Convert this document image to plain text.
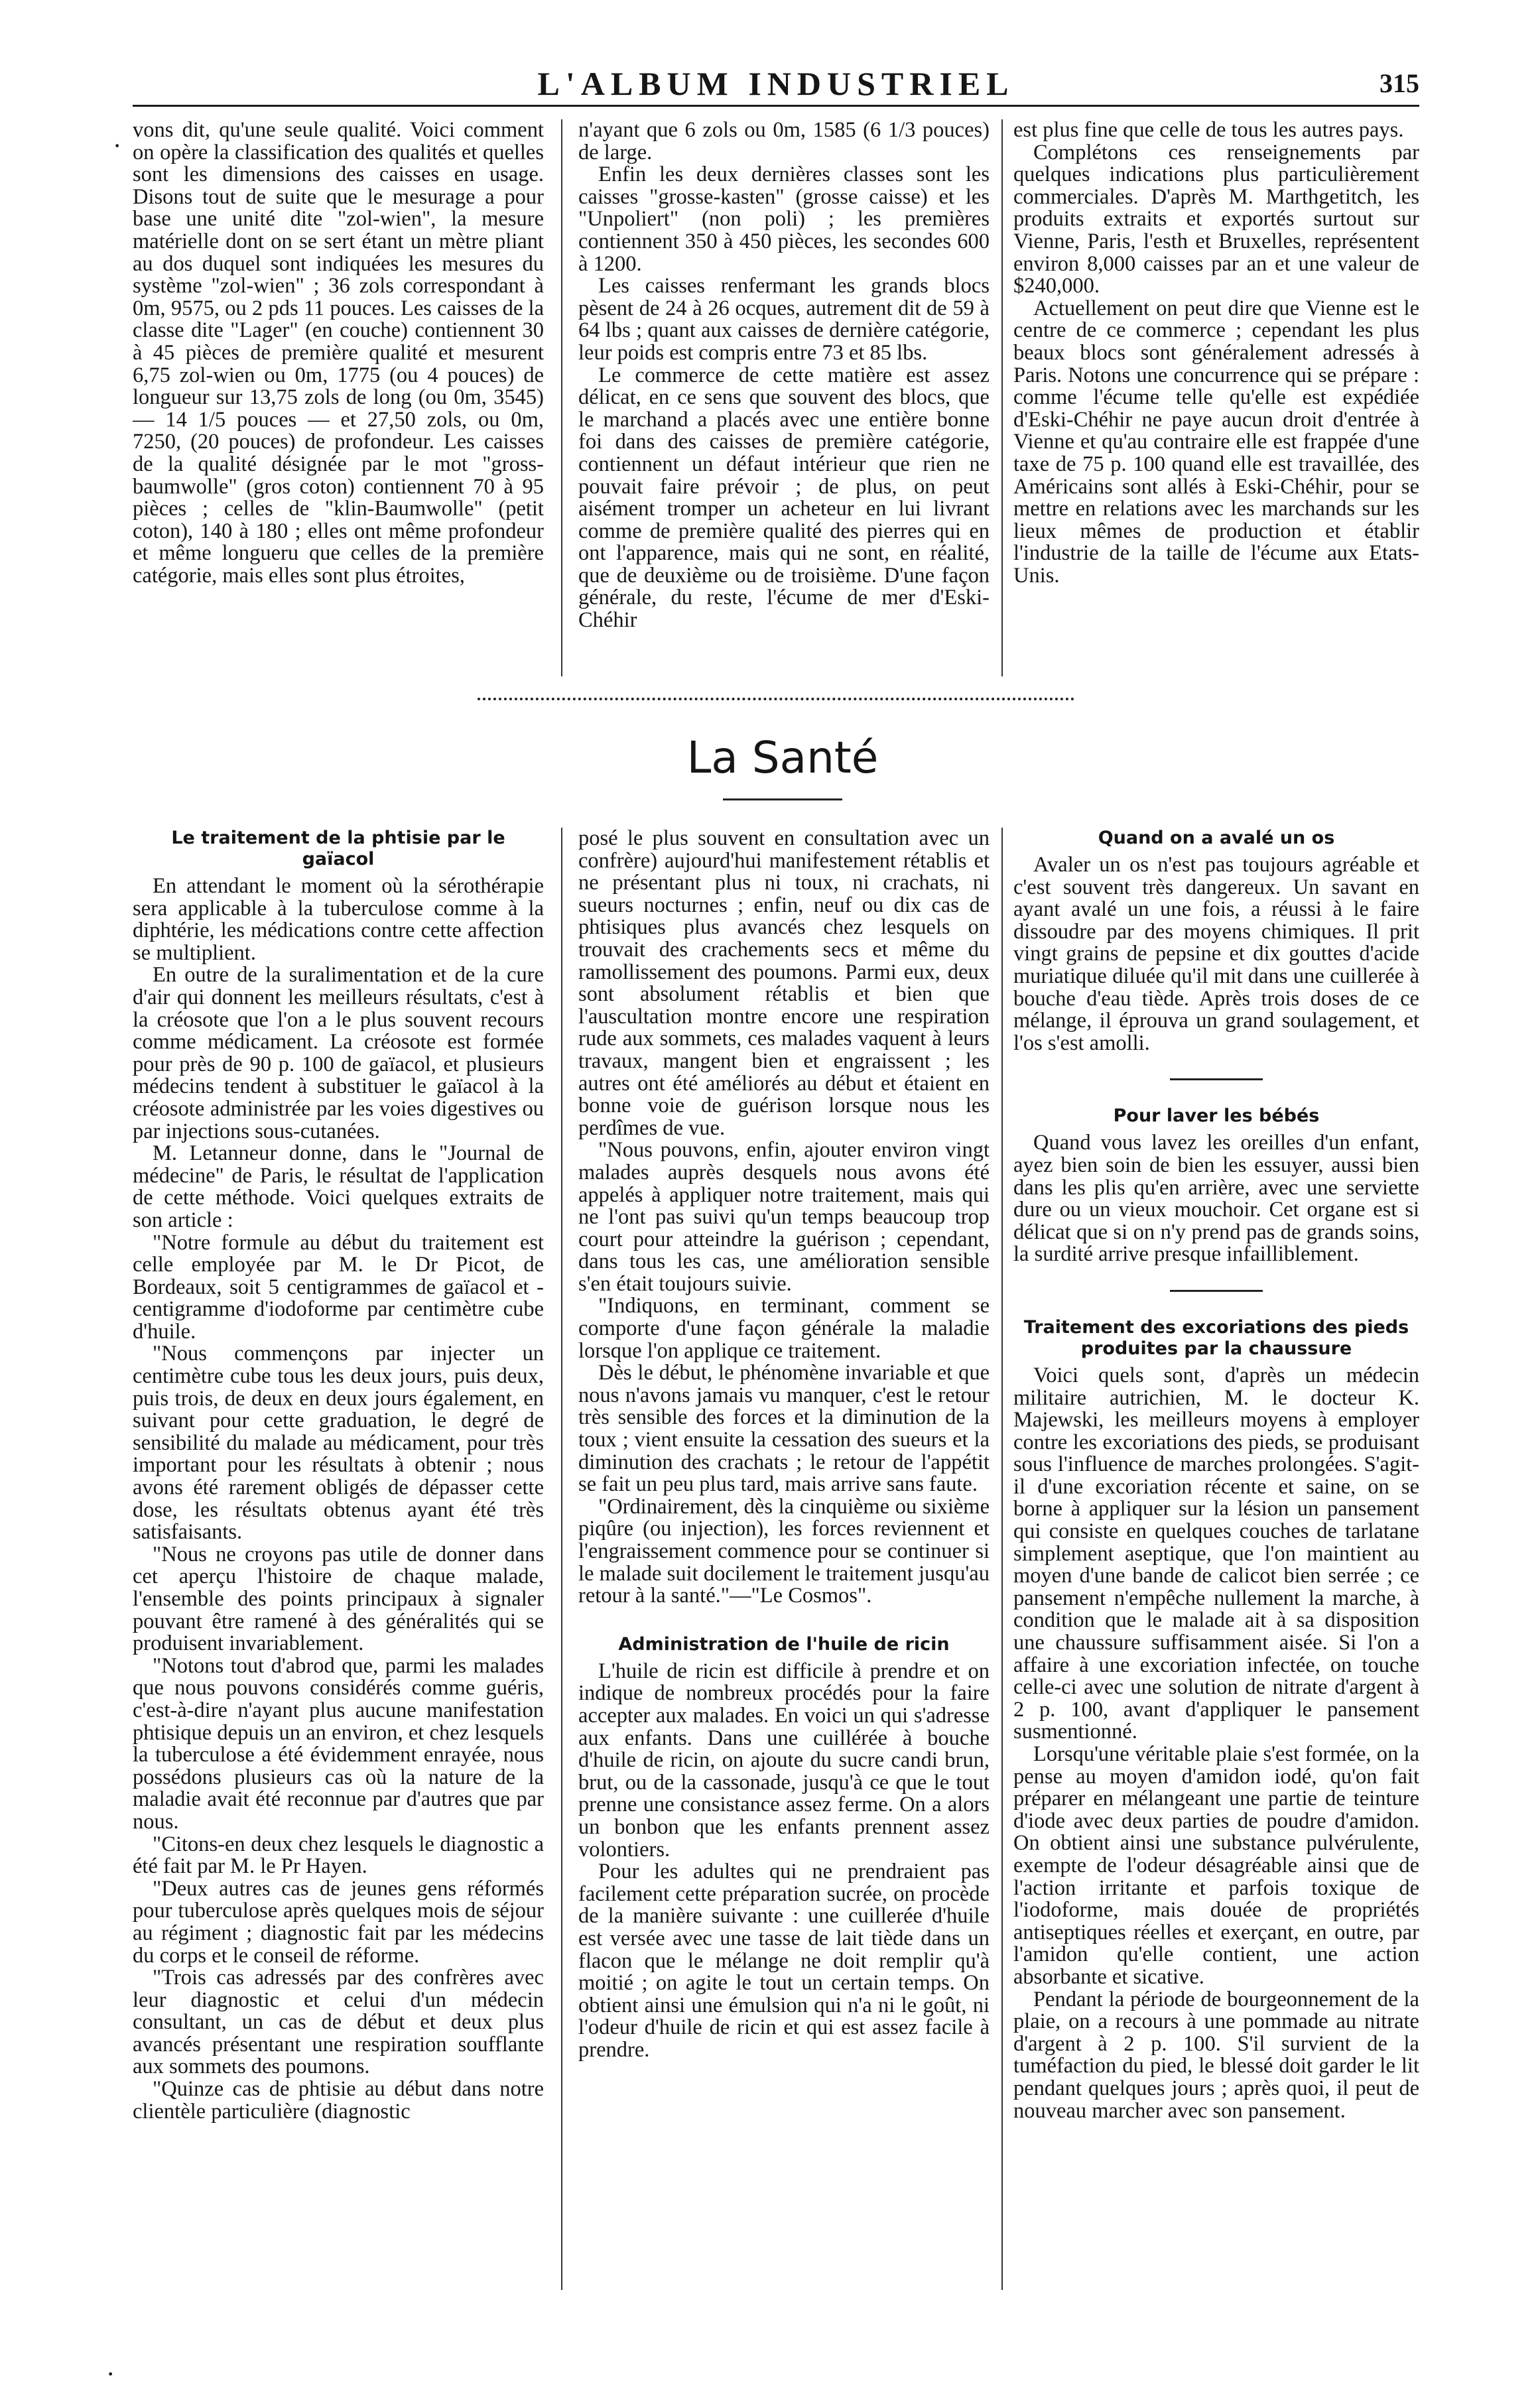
L'ALBUM INDUSTRIEL	315

vons dit, qu'une seule qualité. Voici comment on opère la classification des qualités et quelles sont les dimensions des caisses en usage. Disons tout de suite que le mesurage a pour base une unité dite "zol-wien", la mesure matérielle dont on se sert étant un mètre pliant au dos duquel sont indiquées les mesures du système "zol-wien" ; 36 zols correspondant à 0m, 9575, ou 2 pds 11 pouces. Les caisses de la classe dite "Lager" (en couche) contiennent 30 à 45 pièces de première qualité et mesurent 6,75 zol-wien ou 0m, 1775 (ou 4 pouces) de longueur sur 13,75 zols de long (ou 0m, 3545) — 14 1/5 pouces — et 27,50 zols, ou 0m, 7250, (20 pouces) de profondeur. Les caisses de la qualité désignée par le mot "gross-baumwolle" (gros coton) contiennent 70 à 95 pièces ; celles de "klin-Baumwolle" (petit coton), 140 à 180 ; elles ont même profondeur et même longueru que celles de la première catégorie, mais elles sont plus étroites,

n'ayant que 6 zols ou 0m, 1585 (6 1/3 pouces) de large.

Enfin les deux dernières classes sont les caisses "grosse-kasten" (grosse caisse) et les "Unpoliert" (non poli) ; les premières contiennent 350 à 450 pièces, les secondes 600 à 1200.

Les caisses renfermant les grands blocs pèsent de 24 à 26 ocques, autrement dit de 59 à 64 lbs ; quant aux caisses de dernière catégorie, leur poids est compris entre 73 et 85 lbs.

Le commerce de cette matière est assez délicat, en ce sens que souvent des blocs, que le marchand a placés avec une entière bonne foi dans des caisses de première catégorie, contiennent un défaut intérieur que rien ne pouvait faire prévoir ; de plus, on peut aisément tromper un acheteur en lui livrant comme de première qualité des pierres qui en ont l'apparence, mais qui ne sont, en réalité, que de deuxième ou de troisième. D'une façon générale, du reste, l'écume de mer d'Eski-Chéhir

est plus fine que celle de tous les autres pays.

Complétons ces renseignements par quelques indications plus particulièrement commerciales. D'après M. Marthgetitch, les produits extraits et exportés surtout sur Vienne, Paris, l'esth et Bruxelles, représentent environ 8,000 caisses par an et une valeur de $240,000.

Actuellement on peut dire que Vienne est le centre de ce commerce ; cependant les plus beaux blocs sont généralement adressés à Paris. Notons une concurrence qui se prépare : comme l'écume telle qu'elle est expédiée d'Eski-Chéhir ne paye aucun droit d'entrée à Vienne et qu'au contraire elle est frappée d'une taxe de 75 p. 100 quand elle est travaillée, des Américains sont allés à Eski-Chéhir, pour se mettre en relations avec les marchands sur les lieux mêmes de production et établir l'industrie de la taille de l'écume aux Etats-Unis.

La Santé
Le traitement de la phtisie par le gaïacol

En attendant le moment où la sérothérapie sera applicable à la tuberculose comme à la diphtérie, les médications contre cette affection se multiplient.

En outre de la suralimentation et de la cure d'air qui donnent les meilleurs résultats, c'est à la créosote que l'on a le plus souvent recours comme médicament. La créosote est formée pour près de 90 p. 100 de gaïacol, et plusieurs médecins tendent à substituer le gaïacol à la créosote administrée par les voies digestives ou par injections sous-cutanées.

M. Letanneur donne, dans le "Journal de médecine" de Paris, le résultat de l'application de cette méthode. Voici quelques extraits de son article :

"Notre formule au début du traitement est celle employée par M. le Dr Picot, de Bordeaux, soit 5 centigrammes de gaïacol et - centigramme d'iodoforme par centimètre cube d'huile.

"Nous commençons par injecter un centimètre cube tous les deux jours, puis deux, puis trois, de deux en deux jours également, en suivant pour cette graduation, le degré de sensibilité du malade au médicament, pour très important pour les résultats à obtenir ; nous avons été rarement obligés de dépasser cette dose, les résultats obtenus ayant été très satisfaisants.

"Nous ne croyons pas utile de donner dans cet aperçu l'histoire de chaque malade, l'ensemble des points principaux à signaler pouvant être ramené à des généralités qui se produisent invariablement.

"Notons tout d'abrod que, parmi les malades que nous pouvons considérés comme guéris, c'est-à-dire n'ayant plus aucune manifestation phtisique depuis un an environ, et chez lesquels la tuberculose a été évidemment enrayée, nous possédons plusieurs cas où la nature de la maladie avait été reconnue par d'autres que par nous.

"Citons-en deux chez lesquels le diagnostic a été fait par M. le Pr Hayen.

"Deux autres cas de jeunes gens réformés pour tuberculose après quelques mois de séjour au régiment ; diagnostic fait par les médecins du corps et le conseil de réforme.

"Trois cas adressés par des confrères avec leur diagnostic et celui d'un médecin consultant, un cas de début et deux plus avancés présentant une respiration soufflante aux sommets des poumons.

"Quinze cas de phtisie au début dans notre clientèle particulière (diagnostic

posé le plus souvent en consultation avec un confrère) aujourd'hui manifestement rétablis et ne présentant plus ni toux, ni crachats, ni sueurs nocturnes ; enfin, neuf ou dix cas de phtisiques plus avancés chez lesquels on trouvait des crachements secs et même du ramollissement des poumons. Parmi eux, deux sont absolument rétablis et bien que l'auscultation montre encore une respiration rude aux sommets, ces malades vaquent à leurs travaux, mangent bien et engraissent ; les autres ont été améliorés au début et étaient en bonne voie de guérison lorsque nous les perdîmes de vue.

"Nous pouvons, enfin, ajouter environ vingt malades auprès desquels nous avons été appelés à appliquer notre traitement, mais qui ne l'ont pas suivi qu'un temps beaucoup trop court pour atteindre la guérison ; cependant, dans tous les cas, une amélioration sensible s'en était toujours suivie.

"Indiquons, en terminant, comment se comporte d'une façon générale la maladie lorsque l'on applique ce traitement.

Dès le début, le phénomène invariable et que nous n'avons jamais vu manquer, c'est le retour très sensible des forces et la diminution de la toux ; vient ensuite la cessation des sueurs et la diminution des crachats ; le retour de l'appétit se fait un peu plus tard, mais arrive sans faute.

"Ordinairement, dès la cinquième ou sixième piqûre (ou injection), les forces reviennent et l'engraissement commence pour se continuer si le malade suit docilement le traitement jusqu'au retour à la santé."—"Le Cosmos".

Administration de l'huile de ricin

L'huile de ricin est difficile à prendre et on indique de nombreux procédés pour la faire accepter aux malades. En voici un qui s'adresse aux enfants. Dans une cuillérée à bouche d'huile de ricin, on ajoute du sucre candi brun, brut, ou de la cassonade, jusqu'à ce que le tout prenne une consistance assez ferme. On a alors un bonbon que les enfants prennent assez volontiers.

Pour les adultes qui ne prendraient pas facilement cette préparation sucrée, on procède de la manière suivante : une cuillerée d'huile est versée avec une tasse de lait tiède dans un flacon que le mélange ne doit remplir qu'à moitié ; on agite le tout un certain temps. On obtient ainsi une émulsion qui n'a ni le goût, ni l'odeur d'huile de ricin et qui est assez facile à prendre.

Quand on a avalé un os

Avaler un os n'est pas toujours agréable et c'est souvent très dangereux. Un savant en ayant avalé un une fois, a réussi à le faire dissoudre par des moyens chimiques. Il prit vingt grains de pepsine et dix gouttes d'acide muriatique diluée qu'il mit dans une cuillerée à bouche d'eau tiède. Après trois doses de ce mélange, il éprouva un grand soulagement, et l'os s'est amolli.

Pour laver les bébés

Quand vous lavez les oreilles d'un enfant, ayez bien soin de bien les essuyer, aussi bien dans les plis qu'en arrière, avec une serviette dure ou un vieux mouchoir. Cet organe est si délicat que si on n'y prend pas de grands soins, la surdité arrive presque infailliblement.

Traitement des excoriations des pieds produites par la chaussure

Voici quels sont, d'après un médecin militaire autrichien, M. le docteur K. Majewski, les meilleurs moyens à employer contre les excoriations des pieds, se produisant sous l'influence de marches prolongées. S'agit-il d'une excoriation récente et saine, on se borne à appliquer sur la lésion un pansement qui consiste en quelques couches de tarlatane simplement aseptique, que l'on maintient au moyen d'une bande de calicot bien serrée ; ce pansement n'empêche nullement la marche, à condition que le malade ait à sa disposition une chaussure suffisamment aisée. Si l'on a affaire à une excoriation infectée, on touche celle-ci avec une solution de nitrate d'argent à 2 p. 100, avant d'appliquer le pansement susmentionné.

Lorsqu'une véritable plaie s'est formée, on la pense au moyen d'amidon iodé, qu'on fait préparer en mélangeant une partie de teinture d'iode avec deux parties de poudre d'amidon. On obtient ainsi une substance pulvérulente, exempte de l'odeur désagréable ainsi que de l'action irritante et parfois toxique de l'iodoforme, mais douée de propriétés antiseptiques réelles et exerçant, en outre, par l'amidon qu'elle contient, une action absorbante et sicative.

Pendant la période de bourgeonnement de la plaie, on a recours à une pommade au nitrate d'argent à 2 p. 100. S'il survient de la tuméfaction du pied, le blessé doit garder le lit pendant quelques jours ; après quoi, il peut de nouveau marcher avec son pansement.

·
·
